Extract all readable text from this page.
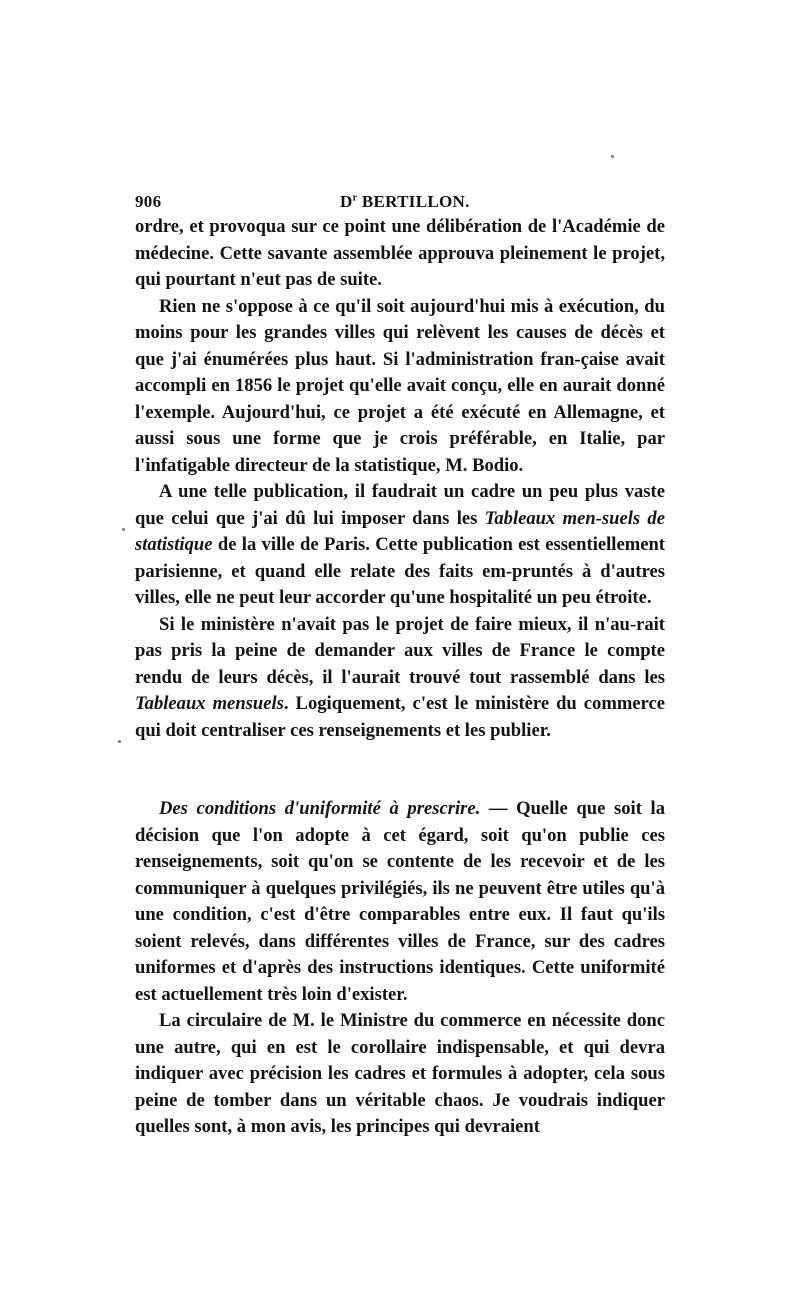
906	$D^r$ BERTILLON.

ordre, et provoqua sur ce point une délibération de l'Académie de médecine. Cette savante assemblée approuva pleinement le projet, qui pourtant n'eut pas de suite.

Rien ne s'oppose à ce qu'il soit aujourd'hui mis à exécution, du moins pour les grandes villes qui relèvent les causes de décès et que j'ai énumérées plus haut. Si l'administration fran-çaise avait accompli en 1856 le projet qu'elle avait conçu, elle en aurait donné l'exemple. Aujourd'hui, ce projet a été exécuté en Allemagne, et aussi sous une forme que je crois préférable, en Italie, par l'infatigable directeur de la statistique, M. Bodio.

A une telle publication, il faudrait un cadre un peu plus vaste que celui que j'ai dû lui imposer dans les Tableaux men-suels de statistique de la ville de Paris. Cette publication est essentiellement parisienne, et quand elle relate des faits em-pruntés à d'autres villes, elle ne peut leur accorder qu'une hospitalité un peu étroite.

Si le ministère n'avait pas le projet de faire mieux, il n'au-rait pas pris la peine de demander aux villes de France le compte rendu de leurs décès, il l'aurait trouvé tout rassemblé dans les Tableaux mensuels. Logiquement, c'est le ministère du commerce qui doit centraliser ces renseignements et les publier.

Des conditions d'uniformité à prescrire. — Quelle que soit la décision que l'on adopte à cet égard, soit qu'on publie ces renseignements, soit qu'on se contente de les recevoir et de les communiquer à quelques privilégiés, ils ne peuvent être utiles qu'à une condition, c'est d'être comparables entre eux. Il faut qu'ils soient relevés, dans différentes villes de France, sur des cadres uniformes et d'après des instructions identiques. Cette uniformité est actuellement très loin d'exister.

La circulaire de M. le Ministre du commerce en nécessite donc une autre, qui en est le corollaire indispensable, et qui devra indiquer avec précision les cadres et formules à adopter, cela sous peine de tomber dans un véritable chaos. Je voudrais indiquer quelles sont, à mon avis, les principes qui devraient
